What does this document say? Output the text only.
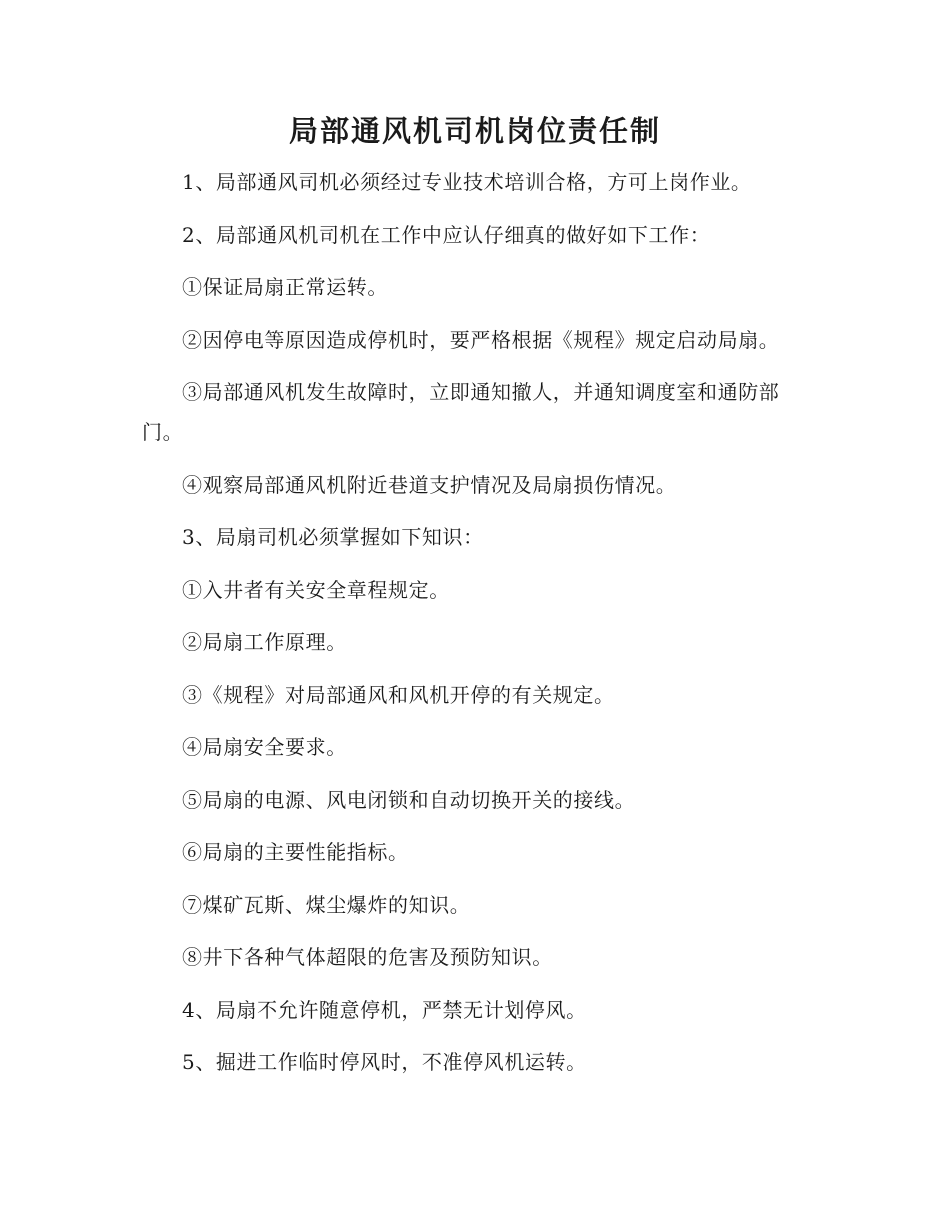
局部通风机司机岗位责任制

1、局部通风司机必须经过专业技术培训合格，方可上岗作业。

2、局部通风机司机在工作中应认仔细真的做好如下工作：

①保证局扇正常运转。

②因停电等原因造成停机时，要严格根据《规程》规定启动局扇。

③局部通风机发生故障时，立即通知撤人，并通知调度室和通防部门。

④观察局部通风机附近巷道支护情况及局扇损伤情况。

3、局扇司机必须掌握如下知识：

①入井者有关安全章程规定。

②局扇工作原理。

③《规程》对局部通风和风机开停的有关规定。

④局扇安全要求。

⑤局扇的电源、风电闭锁和自动切换开关的接线。

⑥局扇的主要性能指标。

⑦煤矿瓦斯、煤尘爆炸的知识。

⑧井下各种气体超限的危害及预防知识。

4、局扇不允许随意停机，严禁无计划停风。

5、掘进工作临时停风时，不准停风机运转。
